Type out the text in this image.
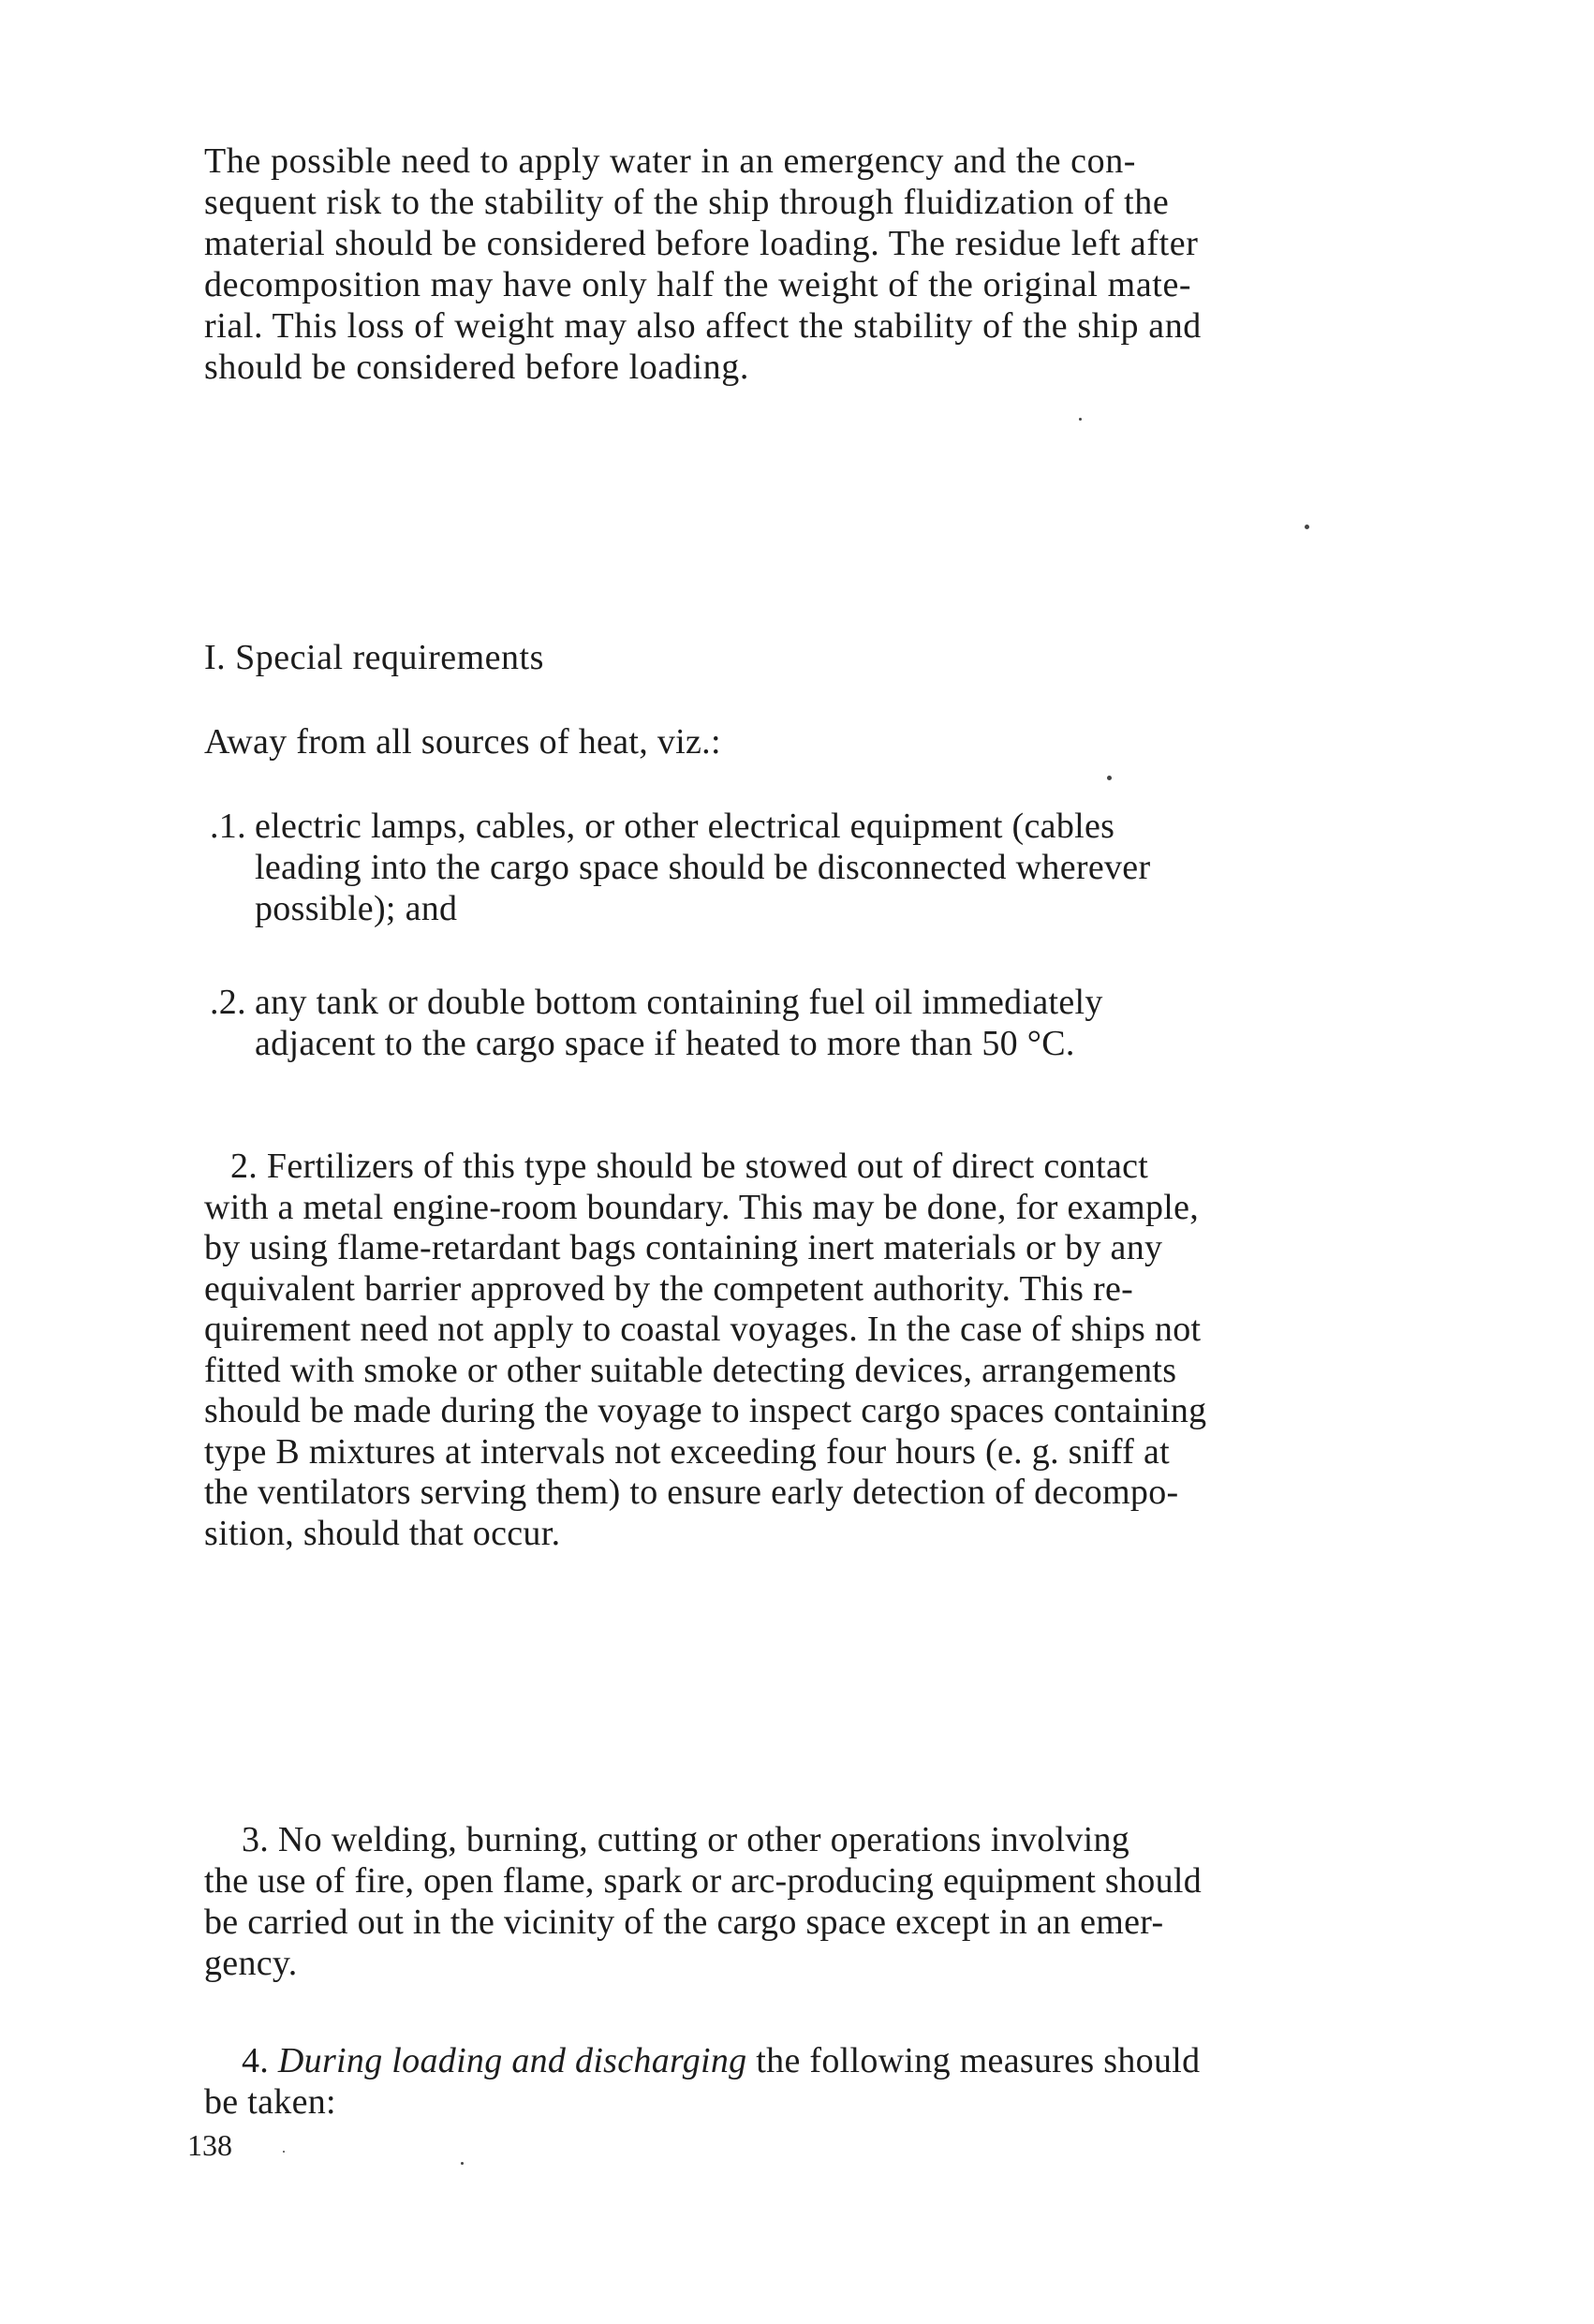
The possible need to apply water in an emergency and the con-
sequent risk to the stability of the ship through fluidization of the
material should be considered before loading. The residue left after
decomposition may have only half the weight of the original mate-
rial. This loss of weight may also affect the stability of the ship and
should be considered before loading.
I. Special requirements
Away from all sources of heat, viz.:
.1. electric lamps, cables, or other electrical equipment (cables
leading into the cargo space should be disconnected wherever
possible); and
.2. any tank or double bottom containing fuel oil immediately
adjacent to the cargo space if heated to more than 50 °C.
2. Fertilizers of this type should be stowed out of direct contact
with a metal engine-room boundary. This may be done, for example,
by using flame-retardant bags containing inert materials or by any
equivalent barrier approved by the competent authority. This re-
quirement need not apply to coastal voyages. In the case of ships not
fitted with smoke or other suitable detecting devices, arrangements
should be made during the voyage to inspect cargo spaces containing
type B mixtures at intervals not exceeding four hours (e. g. sniff at
the ventilators serving them) to ensure early detection of decompo-
sition, should that occur.
3. No welding, burning, cutting or other operations involving
the use of fire, open flame, spark or arc-producing equipment should
be carried out in the vicinity of the cargo space except in an emer-
gency.
4. During loading and discharging the following measures should
be taken:
138
